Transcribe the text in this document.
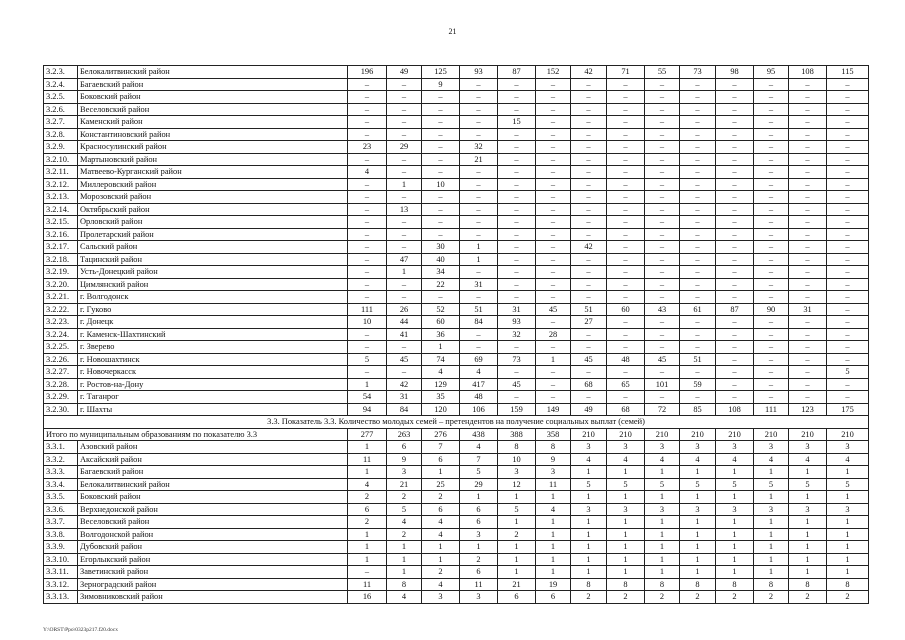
21
3.2.3.	Белокалитвинский район	196	49	125	93	87	152	42	71	55	73	98	95	108	115
3.2.4.	Багаевский район	–	–	9	–	–	–	–	–	–	–	–	–	–	–
3.2.5.	Боковский район	–	–	–	–	–	–	–	–	–	–	–	–	–	–
3.2.6.	Веселовский район	–	–	–	–	–	–	–	–	–	–	–	–	–	–
3.2.7.	Каменский район	–	–	–	–	15	–	–	–	–	–	–	–	–	–
3.2.8.	Константиновский район	–	–	–	–	–	–	–	–	–	–	–	–	–	–
3.2.9.	Красносулинский район	23	29	–	32	–	–	–	–	–	–	–	–	–	–
3.2.10.	Мартыновский район	–	–	–	21	–	–	–	–	–	–	–	–	–	–
3.2.11.	Матвеево-Курганский район	4	–	–	–	–	–	–	–	–	–	–	–	–	–
3.2.12.	Миллеровский район	–	1	10	–	–	–	–	–	–	–	–	–	–	–
3.2.13.	Морозовский район	–	–	–	–	–	–	–	–	–	–	–	–	–	–
3.2.14.	Октябрьский район	–	13	–	–	–	–	–	–	–	–	–	–	–	–
3.2.15.	Орловский район	–	–	–	–	–	–	–	–	–	–	–	–	–	–
3.2.16.	Пролетарский район	–	–	–	–	–	–	–	–	–	–	–	–	–	–
3.2.17.	Сальский район	–	–	30	1	–	–	42	–	–	–	–	–	–	–
3.2.18.	Тацинский район	–	47	40	1	–	–	–	–	–	–	–	–	–	–
3.2.19.	Усть-Донецкий район	–	1	34	–	–	–	–	–	–	–	–	–	–	–
3.2.20.	Цимлянский район	–	–	22	31	–	–	–	–	–	–	–	–	–	–
3.2.21.	г. Волгодонск	–	–	–	–	–	–	–	–	–	–	–	–	–	–
3.2.22.	г. Гуково	111	26	52	51	31	45	51	60	43	61	87	90	31	–
3.2.23.	г. Донецк	10	44	60	84	93	–	27	–	–	–	–	–	–	–
3.2.24.	г. Каменск-Шахтинский	–	41	36	–	32	28	–	–	–	–	–	–	–	–
3.2.25.	г. Зверево	–	–	1	–	–	–	–	–	–	–	–	–	–	–
3.2.26.	г. Новошахтинск	5	45	74	69	73	1	45	48	45	51	–	–	–	–
3.2.27.	г. Новочеркасск	–	–	4	4	–	–	–	–	–	–	–	–	–	5
3.2.28.	г. Ростов-на-Дону	1	42	129	417	45	–	68	65	101	59	–	–	–	–
3.2.29.	г. Таганрог	54	31	35	48	–	–	–	–	–	–	–	–	–	–
3.2.30.	г. Шахты	94	84	120	106	159	149	49	68	72	85	108	111	123	175
3.3. Показатель 3.3. Количество молодых семей – претендентов на получение социальных выплат (семей)															
Итого по муниципальным образованиям по показателю 3.3		277	263	276	438	388	358	210	210	210	210	210	210	210	210
3.3.1.	Азовский район	1	6	7	4	8	8	3	3	3	3	3	3	3	3
3.3.2.	Аксайский район	11	9	6	7	10	9	4	4	4	4	4	4	4	4
3.3.3.	Багаевский район	1	3	1	5	3	3	1	1	1	1	1	1	1	1
3.3.4.	Белокалитвинский район	4	21	25	29	12	11	5	5	5	5	5	5	5	5
3.3.5.	Боковский район	2	2	2	1	1	1	1	1	1	1	1	1	1	1
3.3.6.	Верхнедонской район	6	5	6	6	5	4	3	3	3	3	3	3	3	3
3.3.7.	Веселовский район	2	4	4	6	1	1	1	1	1	1	1	1	1	1
3.3.8.	Волгодонской район	1	2	4	3	2	1	1	1	1	1	1	1	1	1
3.3.9.	Дубовский район	1	1	1	1	1	1	1	1	1	1	1	1	1	1
3.3.10.	Егорлыкский район	1	1	1	2	1	1	1	1	1	1	1	1	1	1
3.3.11.	Заветинский район	–	1	2	6	1	1	1	1	1	1	1	1	1	1
3.3.12.	Зерноградский район	11	8	4	11	21	19	8	8	8	8	8	8	8	8
3.3.13.	Зимовниковский район	16	4	3	3	6	6	2	2	2	2	2	2	2	2
Y:\ORST\Ppo\0323p217.f20.docx
